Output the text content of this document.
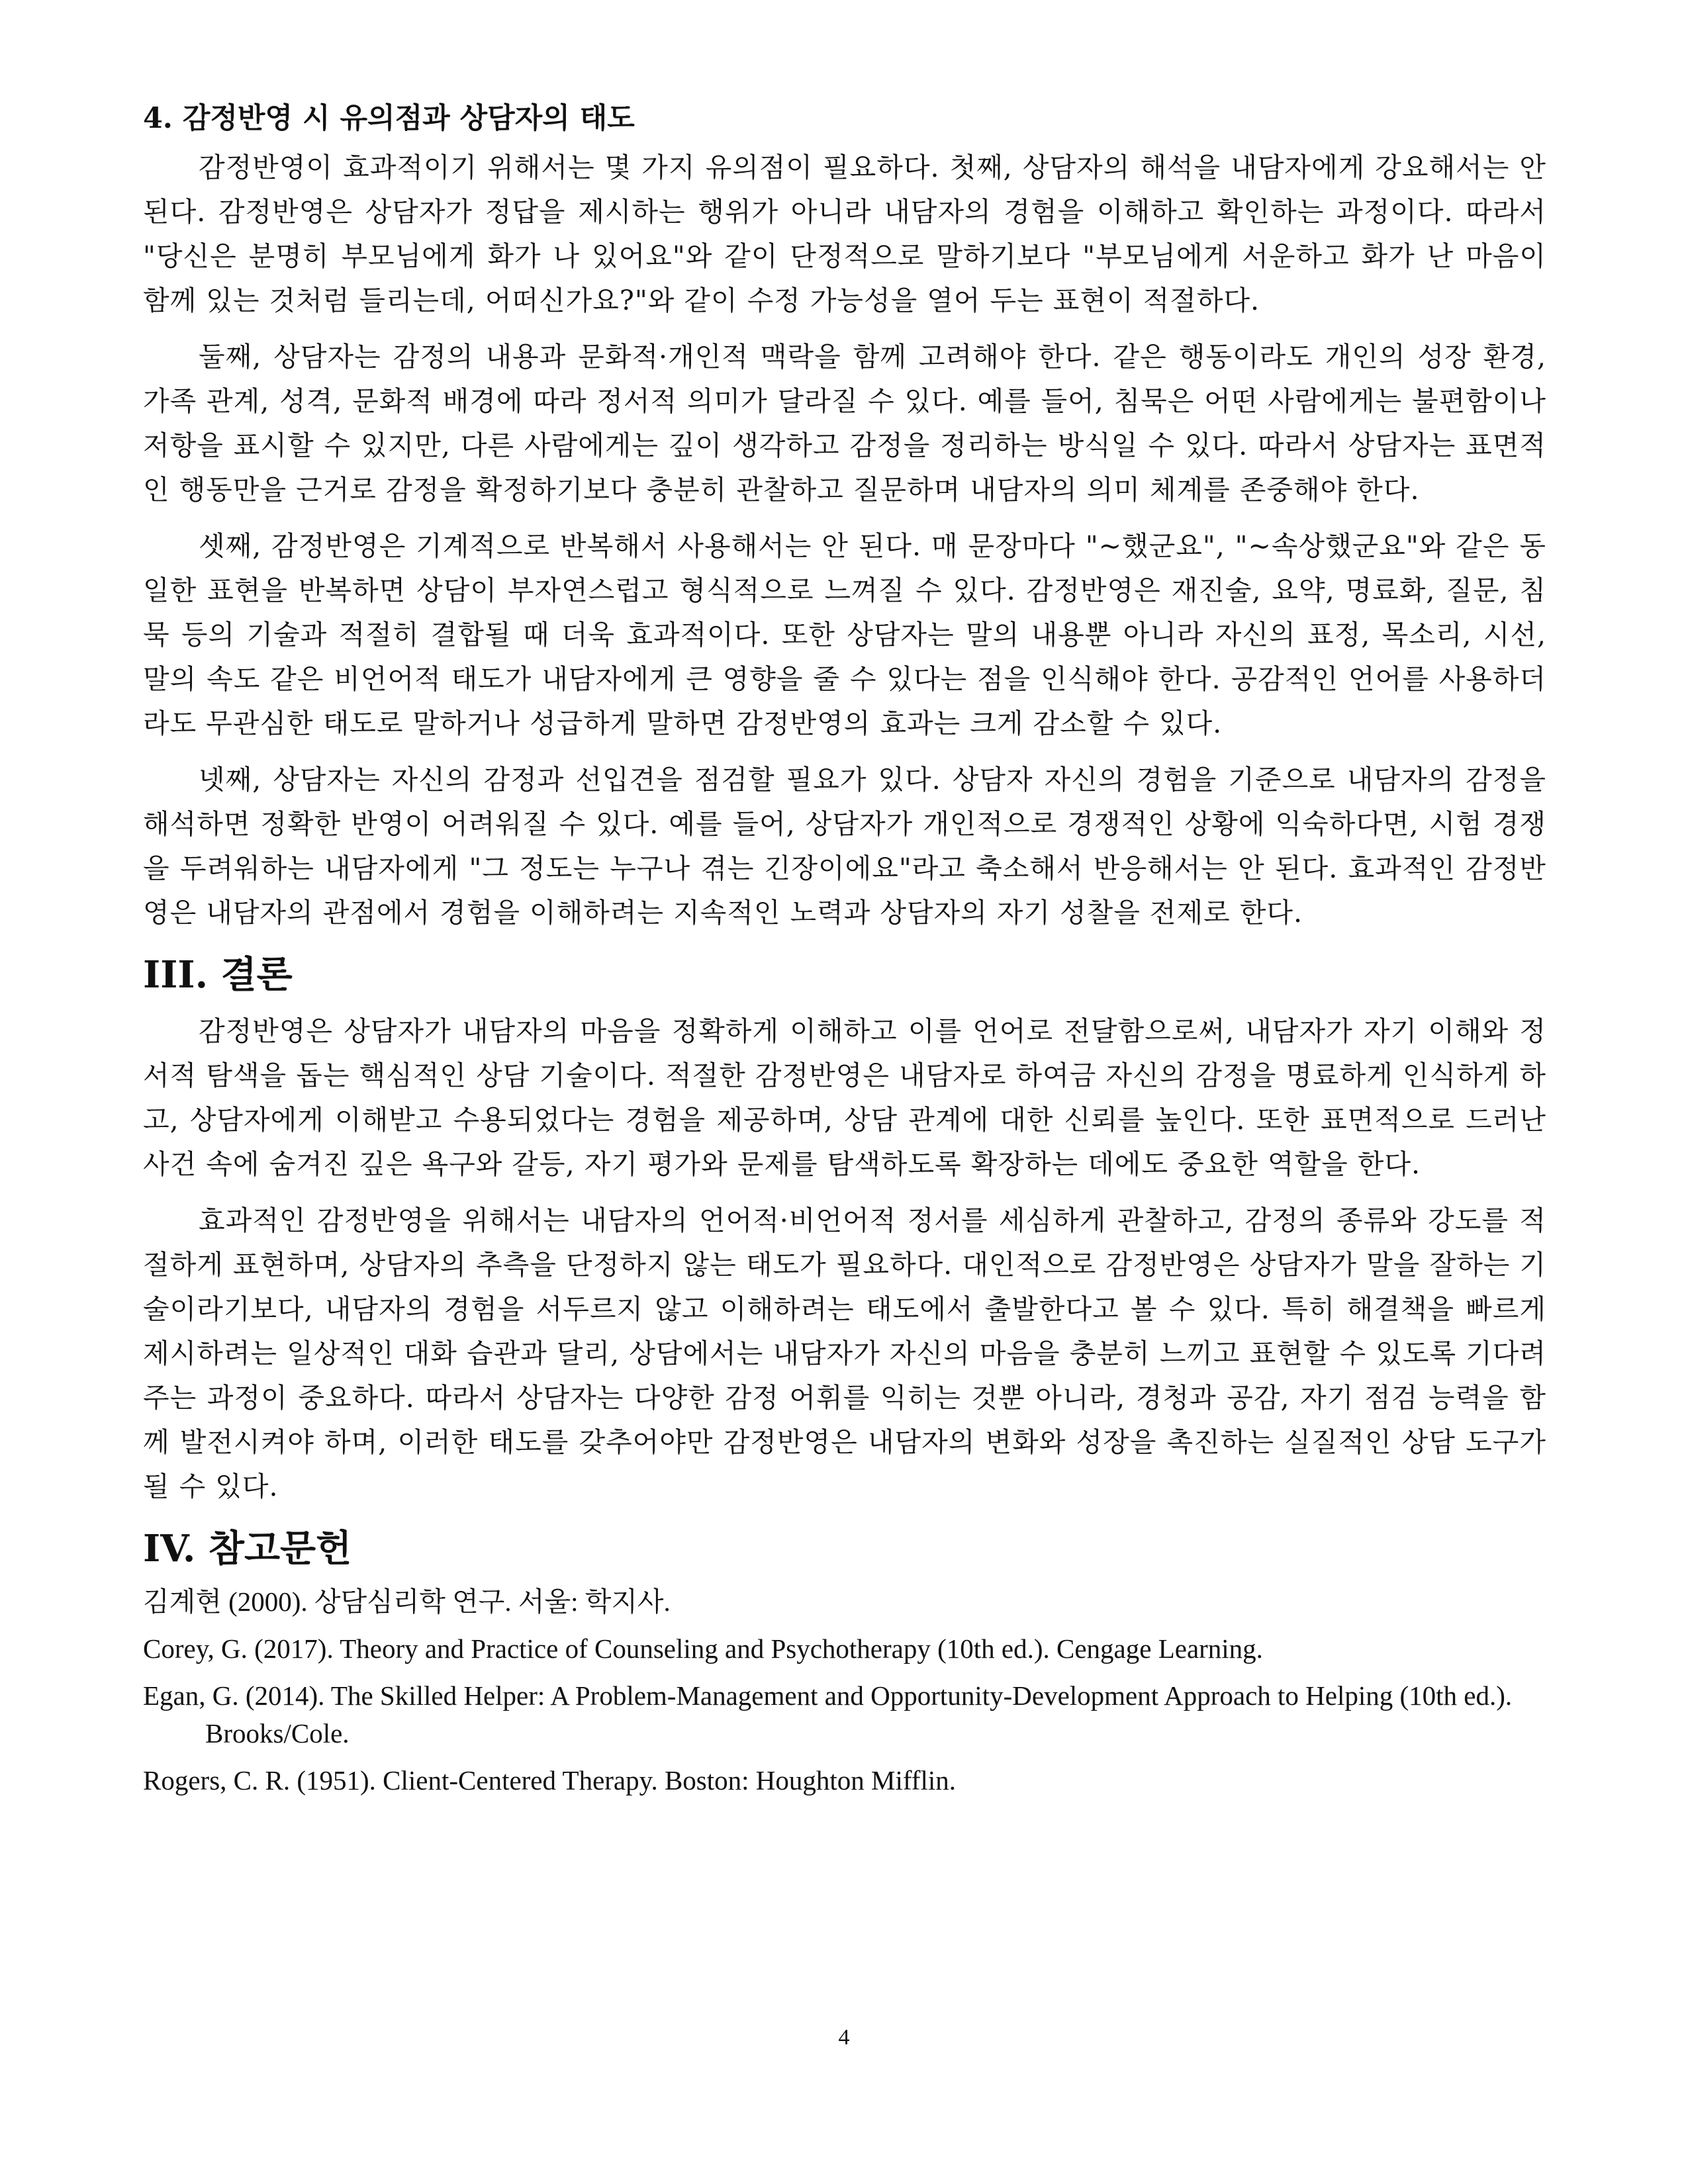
4. 감정반영 시 유의점과 상담자의 태도

감정반영이 효과적이기 위해서는 몇 가지 유의점이 필요하다. 첫째, 상담자의 해석을 내담자에게 강요해서는 안 된다. 감정반영은 상담자가 정답을 제시하는 행위가 아니라 내담자의 경험을 이해하고 확인하는 과정이다. 따라서 "당신은 분명히 부모님에게 화가 나 있어요"와 같이 단정적으로 말하기보다 "부모님에게 서운하고 화가 난 마음이 함께 있는 것처럼 들리는데, 어떠신가요?"와 같이 수정 가능성을 열어 두는 표현이 적절하다.

둘째, 상담자는 감정의 내용과 문화적·개인적 맥락을 함께 고려해야 한다. 같은 행동이라도 개인의 성장 환경, 가족 관계, 성격, 문화적 배경에 따라 정서적 의미가 달라질 수 있다. 예를 들어, 침묵은 어떤 사람에게는 불편함이나 저항을 표시할 수 있지만, 다른 사람에게는 깊이 생각하고 감정을 정리하는 방식일 수 있다. 따라서 상담자는 표면적인 행동만을 근거로 감정을 확정하기보다 충분히 관찰하고 질문하며 내담자의 의미 체계를 존중해야 한다.

셋째, 감정반영은 기계적으로 반복해서 사용해서는 안 된다. 매 문장마다 "~했군요", "~속상했군요"와 같은 동일한 표현을 반복하면 상담이 부자연스럽고 형식적으로 느껴질 수 있다. 감정반영은 재진술, 요약, 명료화, 질문, 침묵 등의 기술과 적절히 결합될 때 더욱 효과적이다. 또한 상담자는 말의 내용뿐 아니라 자신의 표정, 목소리, 시선, 말의 속도 같은 비언어적 태도가 내담자에게 큰 영향을 줄 수 있다는 점을 인식해야 한다. 공감적인 언어를 사용하더라도 무관심한 태도로 말하거나 성급하게 말하면 감정반영의 효과는 크게 감소할 수 있다.

넷째, 상담자는 자신의 감정과 선입견을 점검할 필요가 있다. 상담자 자신의 경험을 기준으로 내담자의 감정을 해석하면 정확한 반영이 어려워질 수 있다. 예를 들어, 상담자가 개인적으로 경쟁적인 상황에 익숙하다면, 시험 경쟁을 두려워하는 내담자에게 "그 정도는 누구나 겪는 긴장이에요"라고 축소해서 반응해서는 안 된다. 효과적인 감정반영은 내담자의 관점에서 경험을 이해하려는 지속적인 노력과 상담자의 자기 성찰을 전제로 한다.

III. 결론

감정반영은 상담자가 내담자의 마음을 정확하게 이해하고 이를 언어로 전달함으로써, 내담자가 자기 이해와 정서적 탐색을 돕는 핵심적인 상담 기술이다. 적절한 감정반영은 내담자로 하여금 자신의 감정을 명료하게 인식하게 하고, 상담자에게 이해받고 수용되었다는 경험을 제공하며, 상담 관계에 대한 신뢰를 높인다. 또한 표면적으로 드러난 사건 속에 숨겨진 깊은 욕구와 갈등, 자기 평가와 문제를 탐색하도록 확장하는 데에도 중요한 역할을 한다.

효과적인 감정반영을 위해서는 내담자의 언어적·비언어적 정서를 세심하게 관찰하고, 감정의 종류와 강도를 적절하게 표현하며, 상담자의 추측을 단정하지 않는 태도가 필요하다. 대인적으로 감정반영은 상담자가 말을 잘하는 기술이라기보다, 내담자의 경험을 서두르지 않고 이해하려는 태도에서 출발한다고 볼 수 있다. 특히 해결책을 빠르게 제시하려는 일상적인 대화 습관과 달리, 상담에서는 내담자가 자신의 마음을 충분히 느끼고 표현할 수 있도록 기다려 주는 과정이 중요하다. 따라서 상담자는 다양한 감정 어휘를 익히는 것뿐 아니라, 경청과 공감, 자기 점검 능력을 함께 발전시켜야 하며, 이러한 태도를 갖추어야만 감정반영은 내담자의 변화와 성장을 촉진하는 실질적인 상담 도구가 될 수 있다.

IV. 참고문헌

김계현 (2000). 상담심리학 연구. 서울: 학지사.

Corey, G. (2017). Theory and Practice of Counseling and Psychotherapy (10th ed.). Cengage Learning.

Egan, G. (2014). The Skilled Helper: A Problem-Management and Opportunity-Development Approach to Helping (10th ed.). Brooks/Cole.

Rogers, C. R. (1951). Client-Centered Therapy. Boston: Houghton Mifflin.

4
